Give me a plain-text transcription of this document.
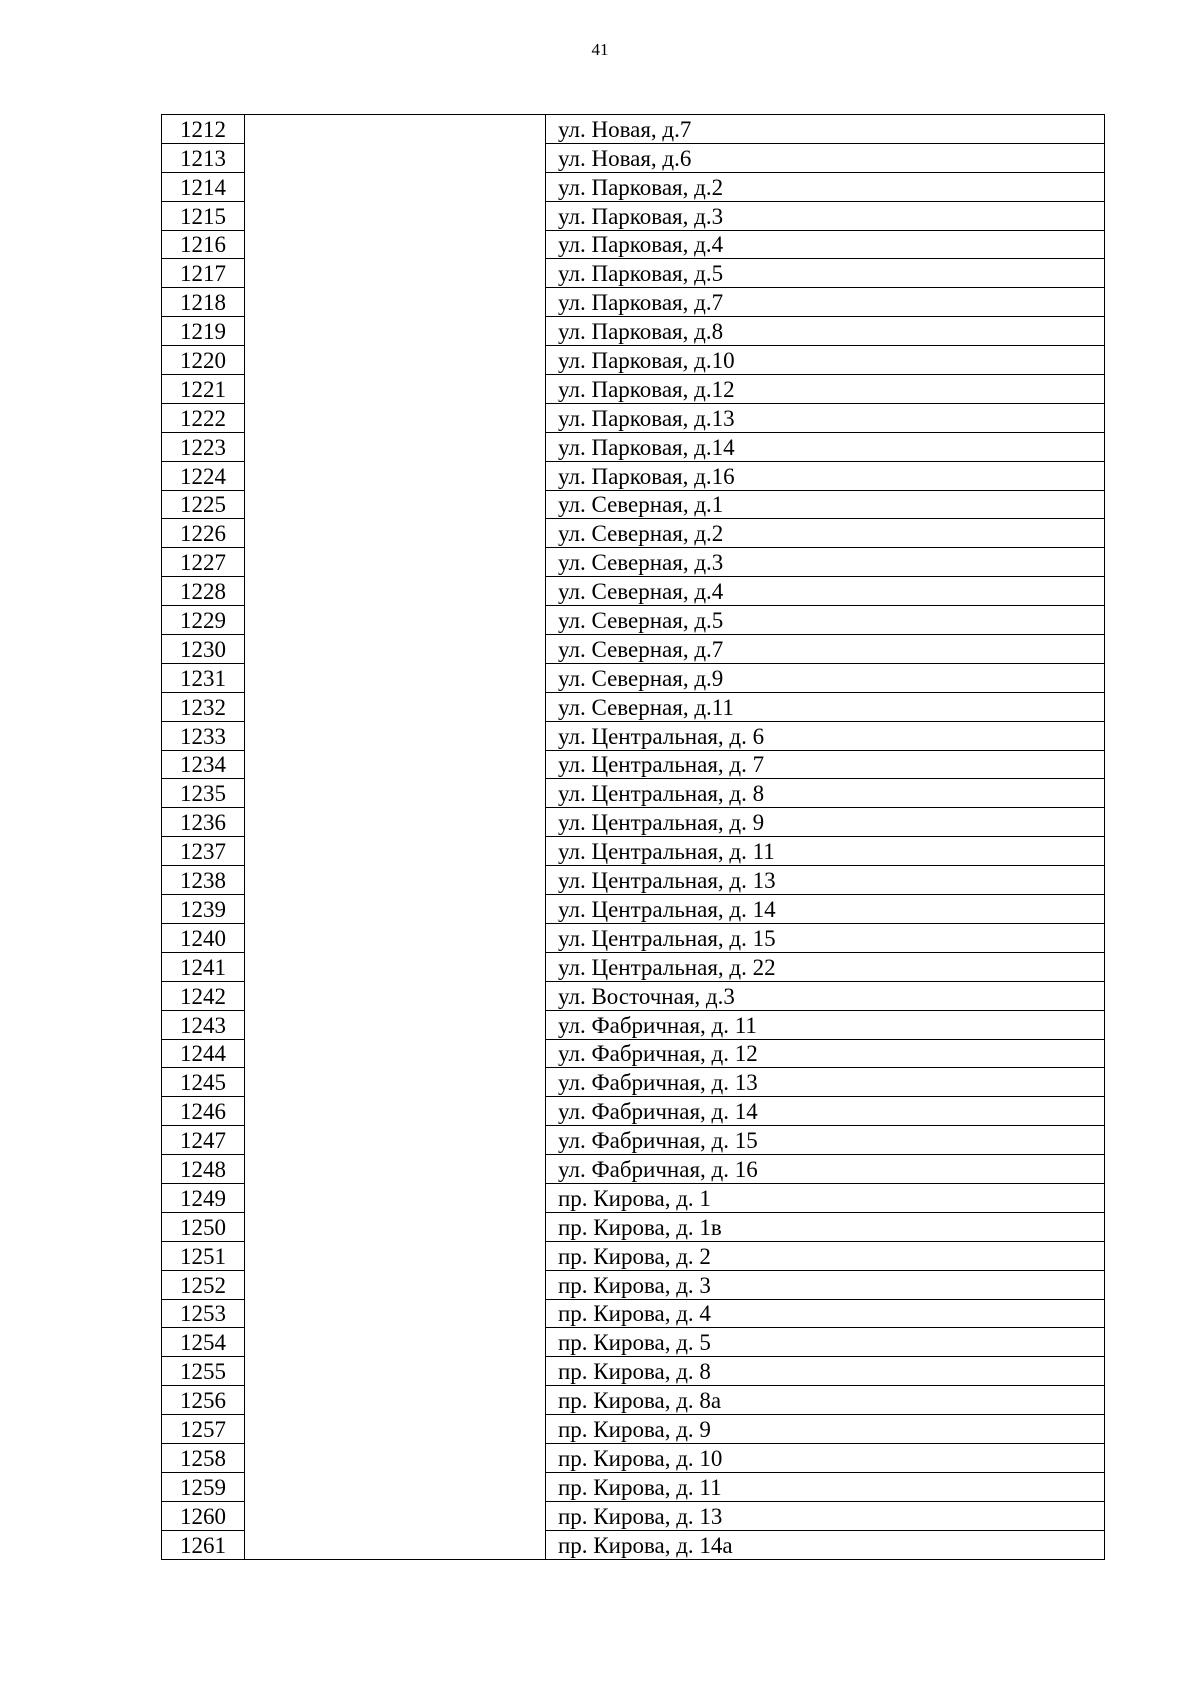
41
1212		ул. Новая, д.7
1213		ул. Новая, д.6
1214		ул. Парковая, д.2
1215		ул. Парковая, д.3
1216		ул. Парковая, д.4
1217		ул. Парковая, д.5
1218		ул. Парковая, д.7
1219		ул. Парковая, д.8
1220		ул. Парковая, д.10
1221		ул. Парковая, д.12
1222		ул. Парковая, д.13
1223		ул. Парковая, д.14
1224		ул. Парковая, д.16
1225		ул. Северная, д.1
1226		ул. Северная, д.2
1227		ул. Северная, д.3
1228		ул. Северная, д.4
1229		ул. Северная, д.5
1230		ул. Северная, д.7
1231		ул. Северная, д.9
1232		ул. Северная, д.11
1233		ул. Центральная, д. 6
1234		ул. Центральная, д. 7
1235		ул. Центральная, д. 8
1236		ул. Центральная, д. 9
1237		ул. Центральная, д. 11
1238		ул. Центральная, д. 13
1239		ул. Центральная, д. 14
1240		ул. Центральная, д. 15
1241		ул. Центральная, д. 22
1242		ул. Восточная, д.3
1243		ул. Фабричная, д. 11
1244		ул. Фабричная, д. 12
1245		ул. Фабричная, д. 13
1246		ул. Фабричная, д. 14
1247		ул. Фабричная, д. 15
1248		ул. Фабричная, д. 16
1249		пр. Кирова, д. 1
1250		пр. Кирова, д. 1в
1251		пр. Кирова, д. 2
1252		пр. Кирова, д. 3
1253		пр. Кирова, д. 4
1254		пр. Кирова, д. 5
1255		пр. Кирова, д. 8
1256		пр. Кирова, д. 8а
1257		пр. Кирова, д. 9
1258		пр. Кирова, д. 10
1259		пр. Кирова, д. 11
1260		пр. Кирова, д. 13
1261		пр. Кирова, д. 14а
